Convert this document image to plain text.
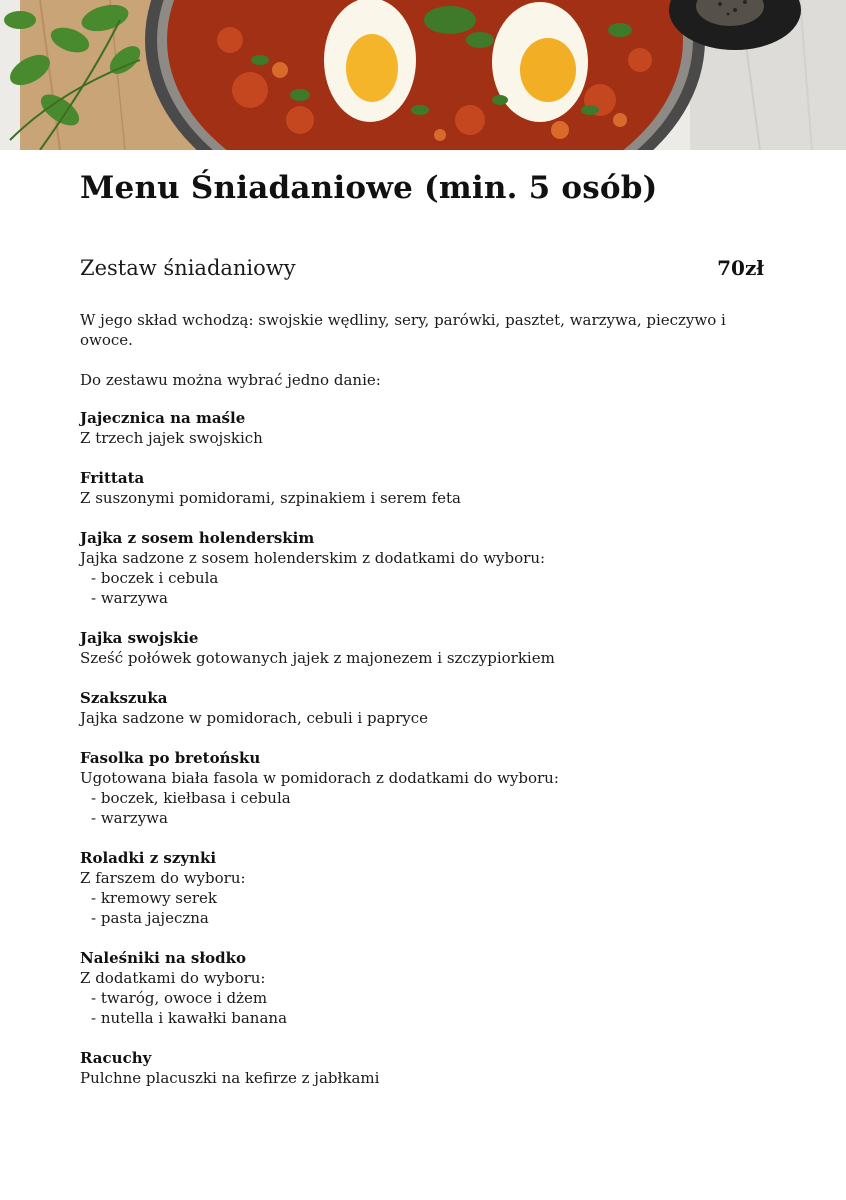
Menu Śniadaniowe (min. 5 osób)
Zestaw śniadaniowy	70zł
W jego skład wchodzą: swojskie wędliny, sery, parówki, pasztet, warzywa, pieczywo i owoce.
Do zestawu można wybrać jedno danie:
Jajecznica na maśle
Z trzech jajek swojskich
Frittata
Z suszonymi pomidorami, szpinakiem i serem feta
Jajka z sosem holenderskim
Jajka sadzone z sosem holenderskim z dodatkami do wyboru:
- boczek i cebula
- warzywa
Jajka swojskie
Sześć połówek gotowanych jajek z majonezem i szczypiorkiem
Szakszuka
Jajka sadzone w pomidorach, cebuli i papryce
Fasolka po bretońsku
Ugotowana biała fasola w pomidorach z dodatkami do wyboru:
- boczek, kiełbasa i cebula
- warzywa
Roladki z szynki
Z farszem do wyboru:
- kremowy serek
- pasta jajeczna
Naleśniki na słodko
Z dodatkami do wyboru:
- twaróg, owoce i dżem
- nutella i kawałki banana
Racuchy
Pulchne placuszki na kefirze z jabłkami
